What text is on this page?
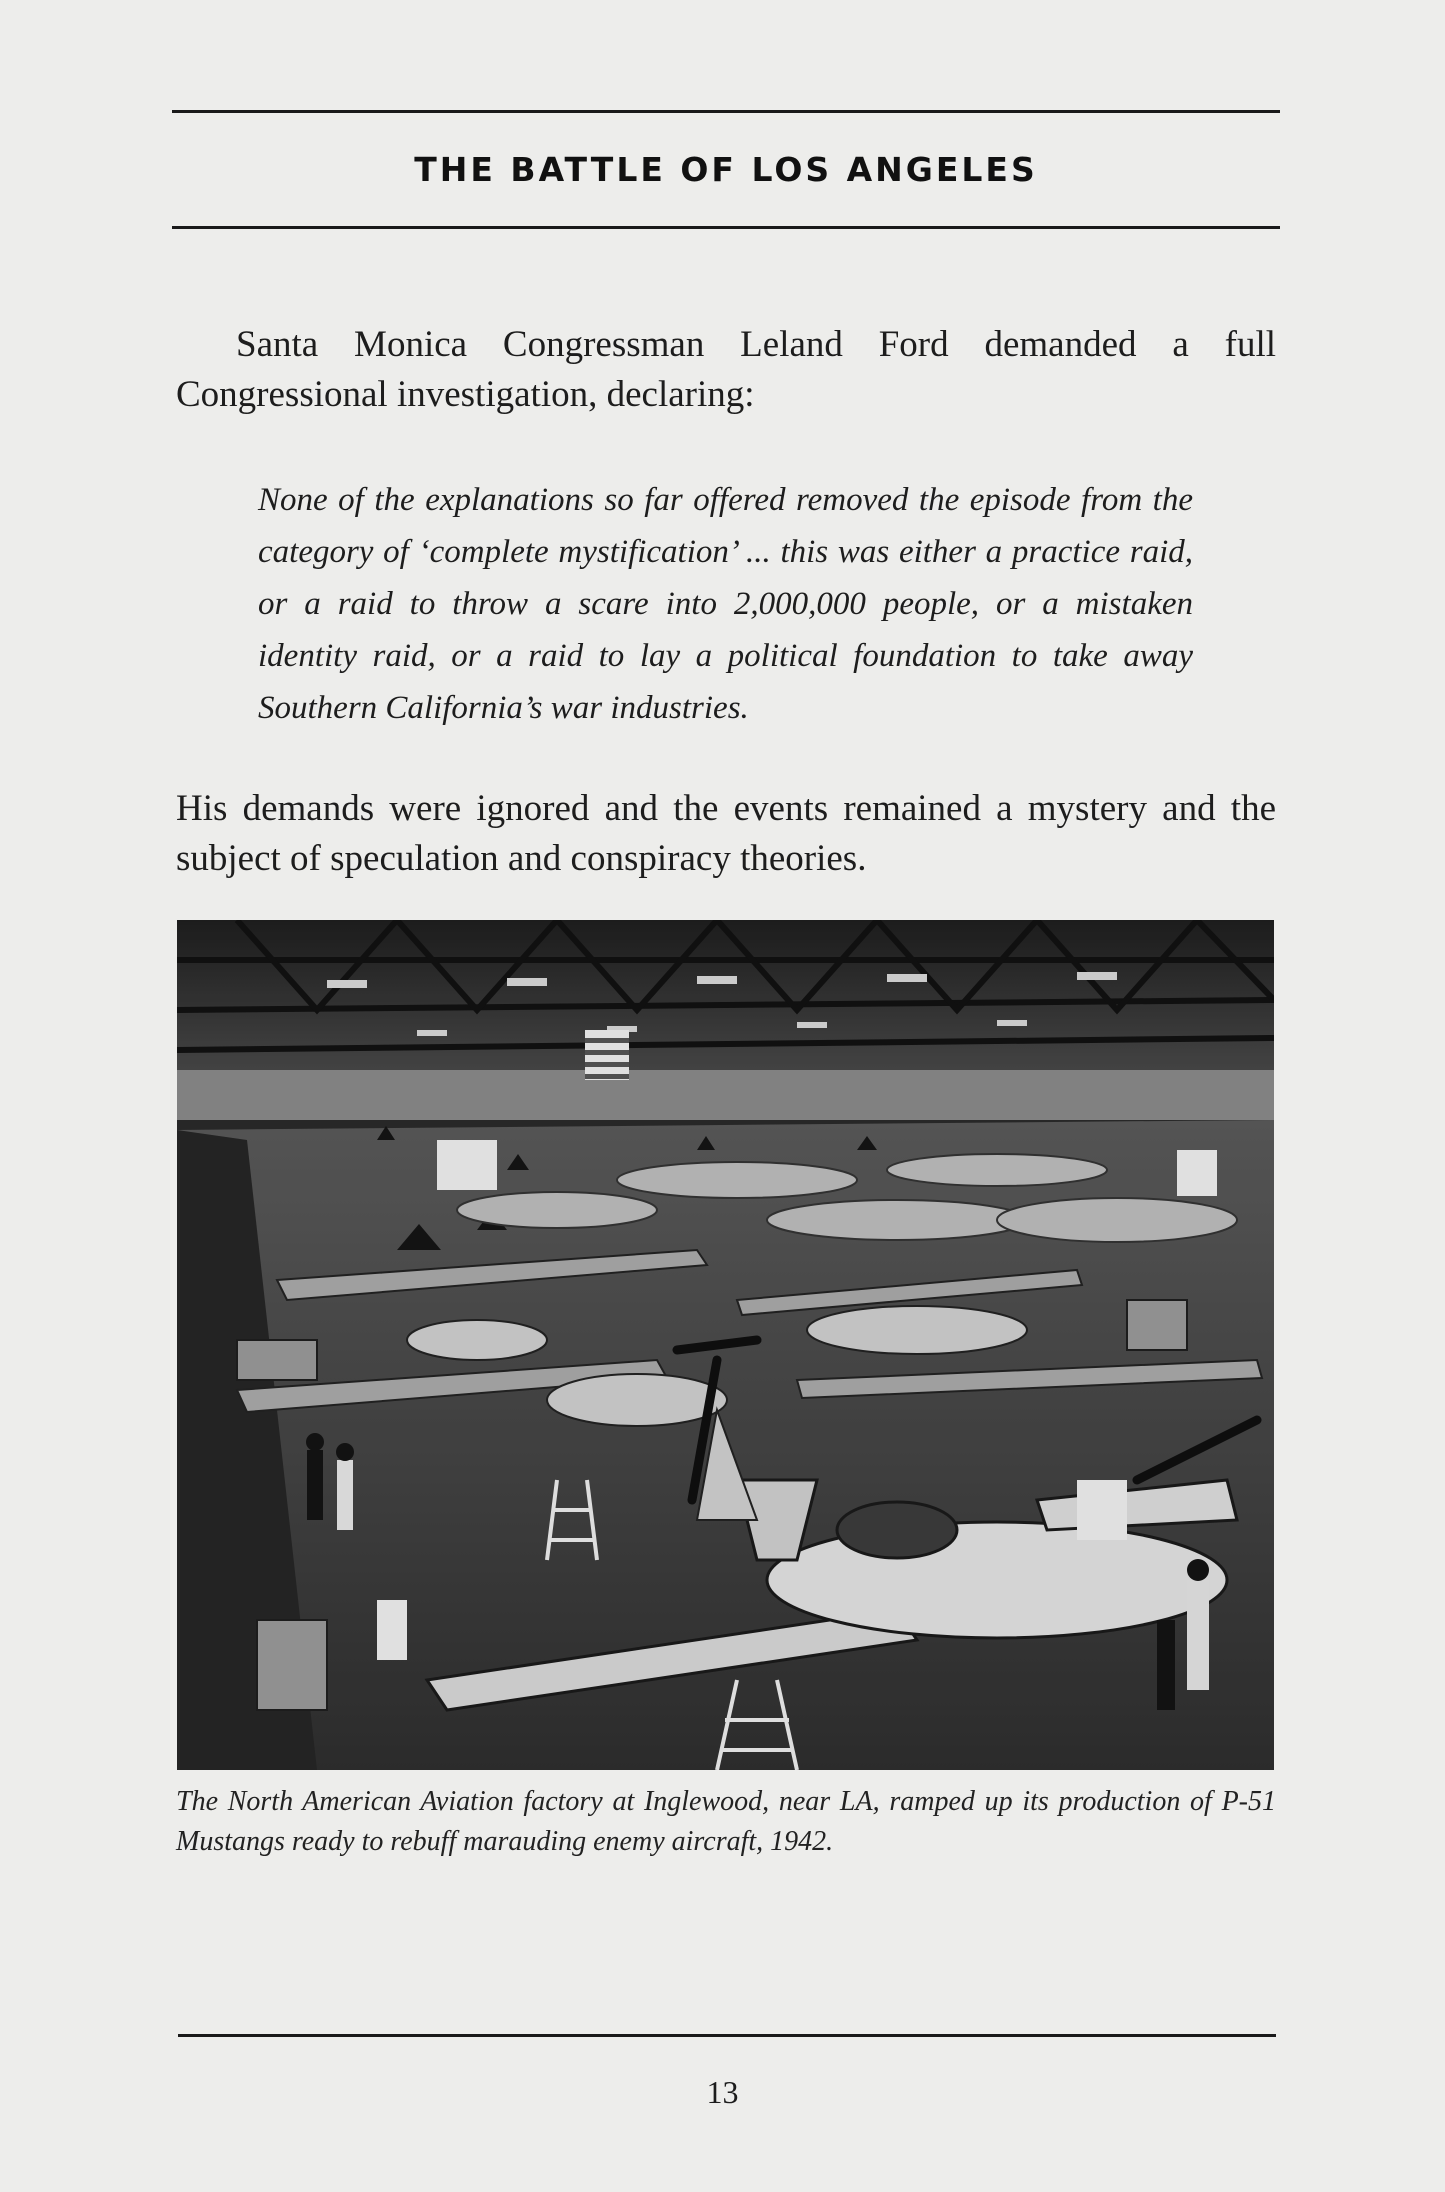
THE BATTLE OF LOS ANGELES

Santa Monica Congressman Leland Ford demanded a full Congressional investigation, declaring:

None of the explanations so far offered removed the episode from the category of ‘complete mystification’ ... this was either a practice raid, or a raid to throw a scare into 2,000,000 people, or a mistaken identity raid, or a raid to lay a political foundation to take away Southern California’s war industries.

His demands were ignored and the events remained a mystery and the subject of speculation and conspiracy theories.

The North American Aviation factory at Inglewood, near LA, ramped up its production of P-51 Mustangs ready to rebuff marauding enemy aircraft, 1942.

13
